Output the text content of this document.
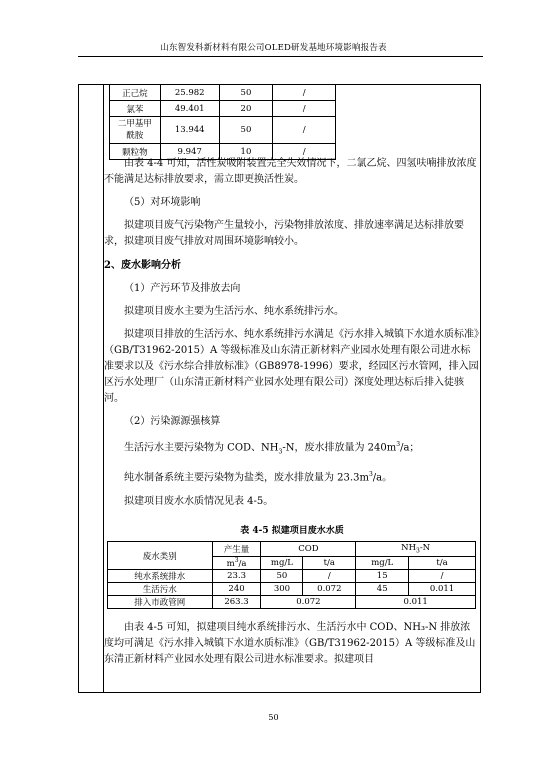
山东智发科新材料有限公司OLED研发基地环境影响报告表
正己烷	25.982	50	/
氯苯	49.401	20	/
二甲基甲酰胺	13.944	50	/
颗粒物	9.947	10	/

由表 4-4 可知，活性炭吸附装置完全失效情况下，二氯乙烷、四氢呋喃排放浓度不能满足达标排放要求，需立即更换活性炭。

（5）对环境影响

拟建项目废气污染物产生量较小，污染物排放浓度、排放速率满足达标排放要求，拟建项目废气排放对周围环境影响较小。

2、废水影响分析

（1）产污环节及排放去向

拟建项目废水主要为生活污水、纯水系统排污水。

拟建项目排放的生活污水、纯水系统排污水满足《污水排入城镇下水道水质标准》（GB/T31962-2015）A 等级标准及山东清正新材料产业园水处理有限公司进水标准要求以及《污水综合排放标准》（GB8978-1996）要求，经园区污水管网，排入园区污水处理厂（山东清正新材料产业园水处理有限公司）深度处理达标后排入徒骇河。

（2）污染源源强核算

生活污水主要污染物为 COD、$NH_3-N$，废水排放量为 $240m^3/a$；

纯水制备系统主要污染物为盐类，废水排放量为 $23.3m^3/a$。

拟建项目废水水质情况见表 4-5。

表 4-5 拟建项目废水水质
废水类别	产生量	COD		$NH_3-N$	
	$m^3/a$	mg/L	t/a	mg/L	t/a
纯水系统排水	23.3	50	/	15	/
生活污水	240	300	0.072	45	0.011
排入市政管网	263.3	0.072		0.011	

由表 4-5 可知，拟建项目纯水系统排污水、生活污水中 COD、NH₃-N 排放浓度均可满足《污水排入城镇下水道水质标准》（GB/T31962-2015）A 等级标准及山东清正新材料产业园水处理有限公司进水标准要求。拟建项目

50
